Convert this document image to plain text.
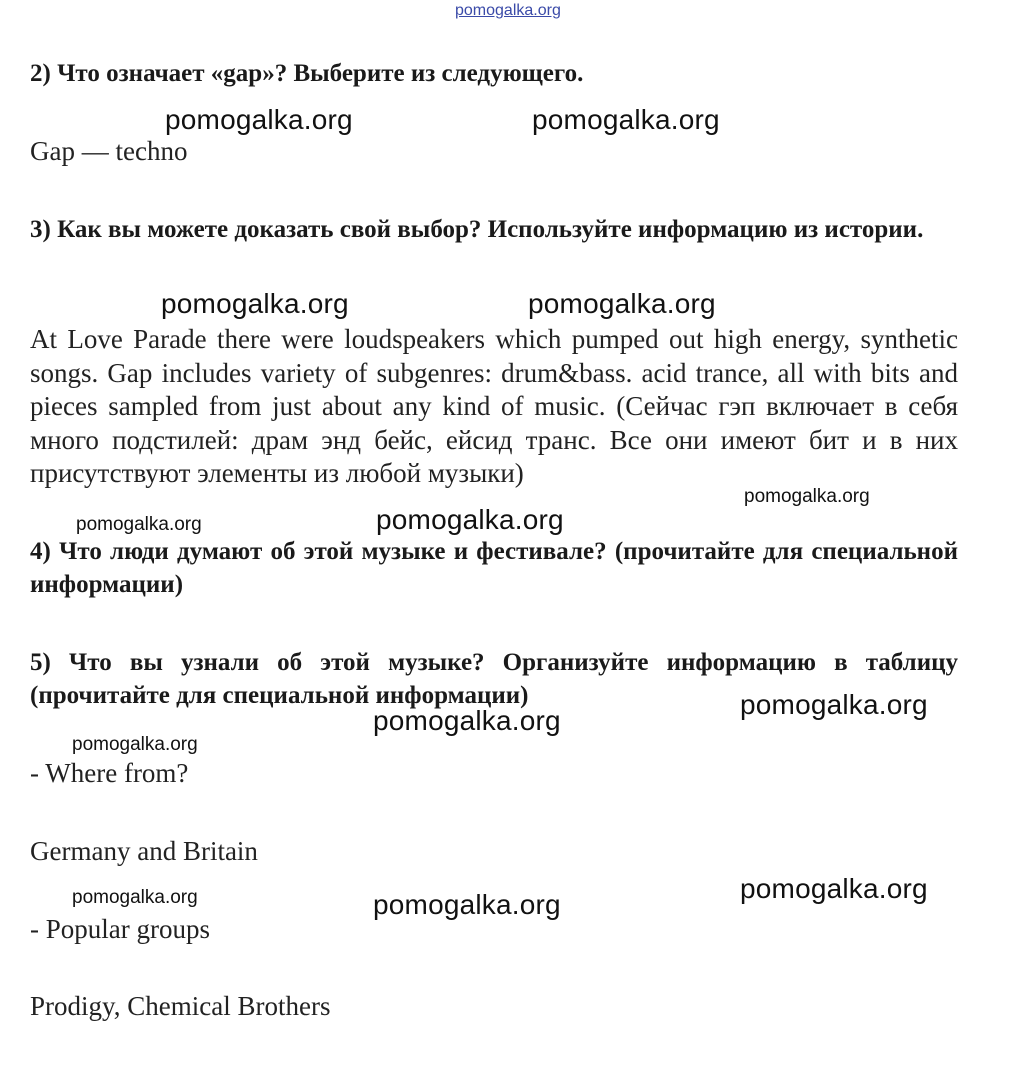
pomogalka.org

2) Что означает «gap»? Выберите из следующего.

pomogalka.org	pomogalka.org

Gap — techno

3) Как вы можете доказать свой выбор? Используйте информацию из истории.

pomogalka.org	pomogalka.org

At Love Parade there were loudspeakers which pumped out high energy, synthetic songs. Gap includes variety of subgenres: drum&bass. acid trance, all with bits and pieces sampled from just about any kind of music. (Сейчас гэп включает в себя много подстилей: драм энд бейс, ейсид транс. Все они имеют бит и в них присутствуют элементы из любой музыки)

pomogalka.org
pomogalka.org	pomogalka.org

4) Что люди думают об этой музыке и фестивале? (прочитайте для специальной информации)

5) Что вы узнали об этой музыке? Организуйте информацию в таблицу (прочитайте для специальной информации)	pomogalka.org
pomogalka.org
pomogalka.org

- Where from?

Germany and Britain

pomogalka.org
pomogalka.org	pomogalka.org

- Popular groups

Prodigy, Chemical Brothers
